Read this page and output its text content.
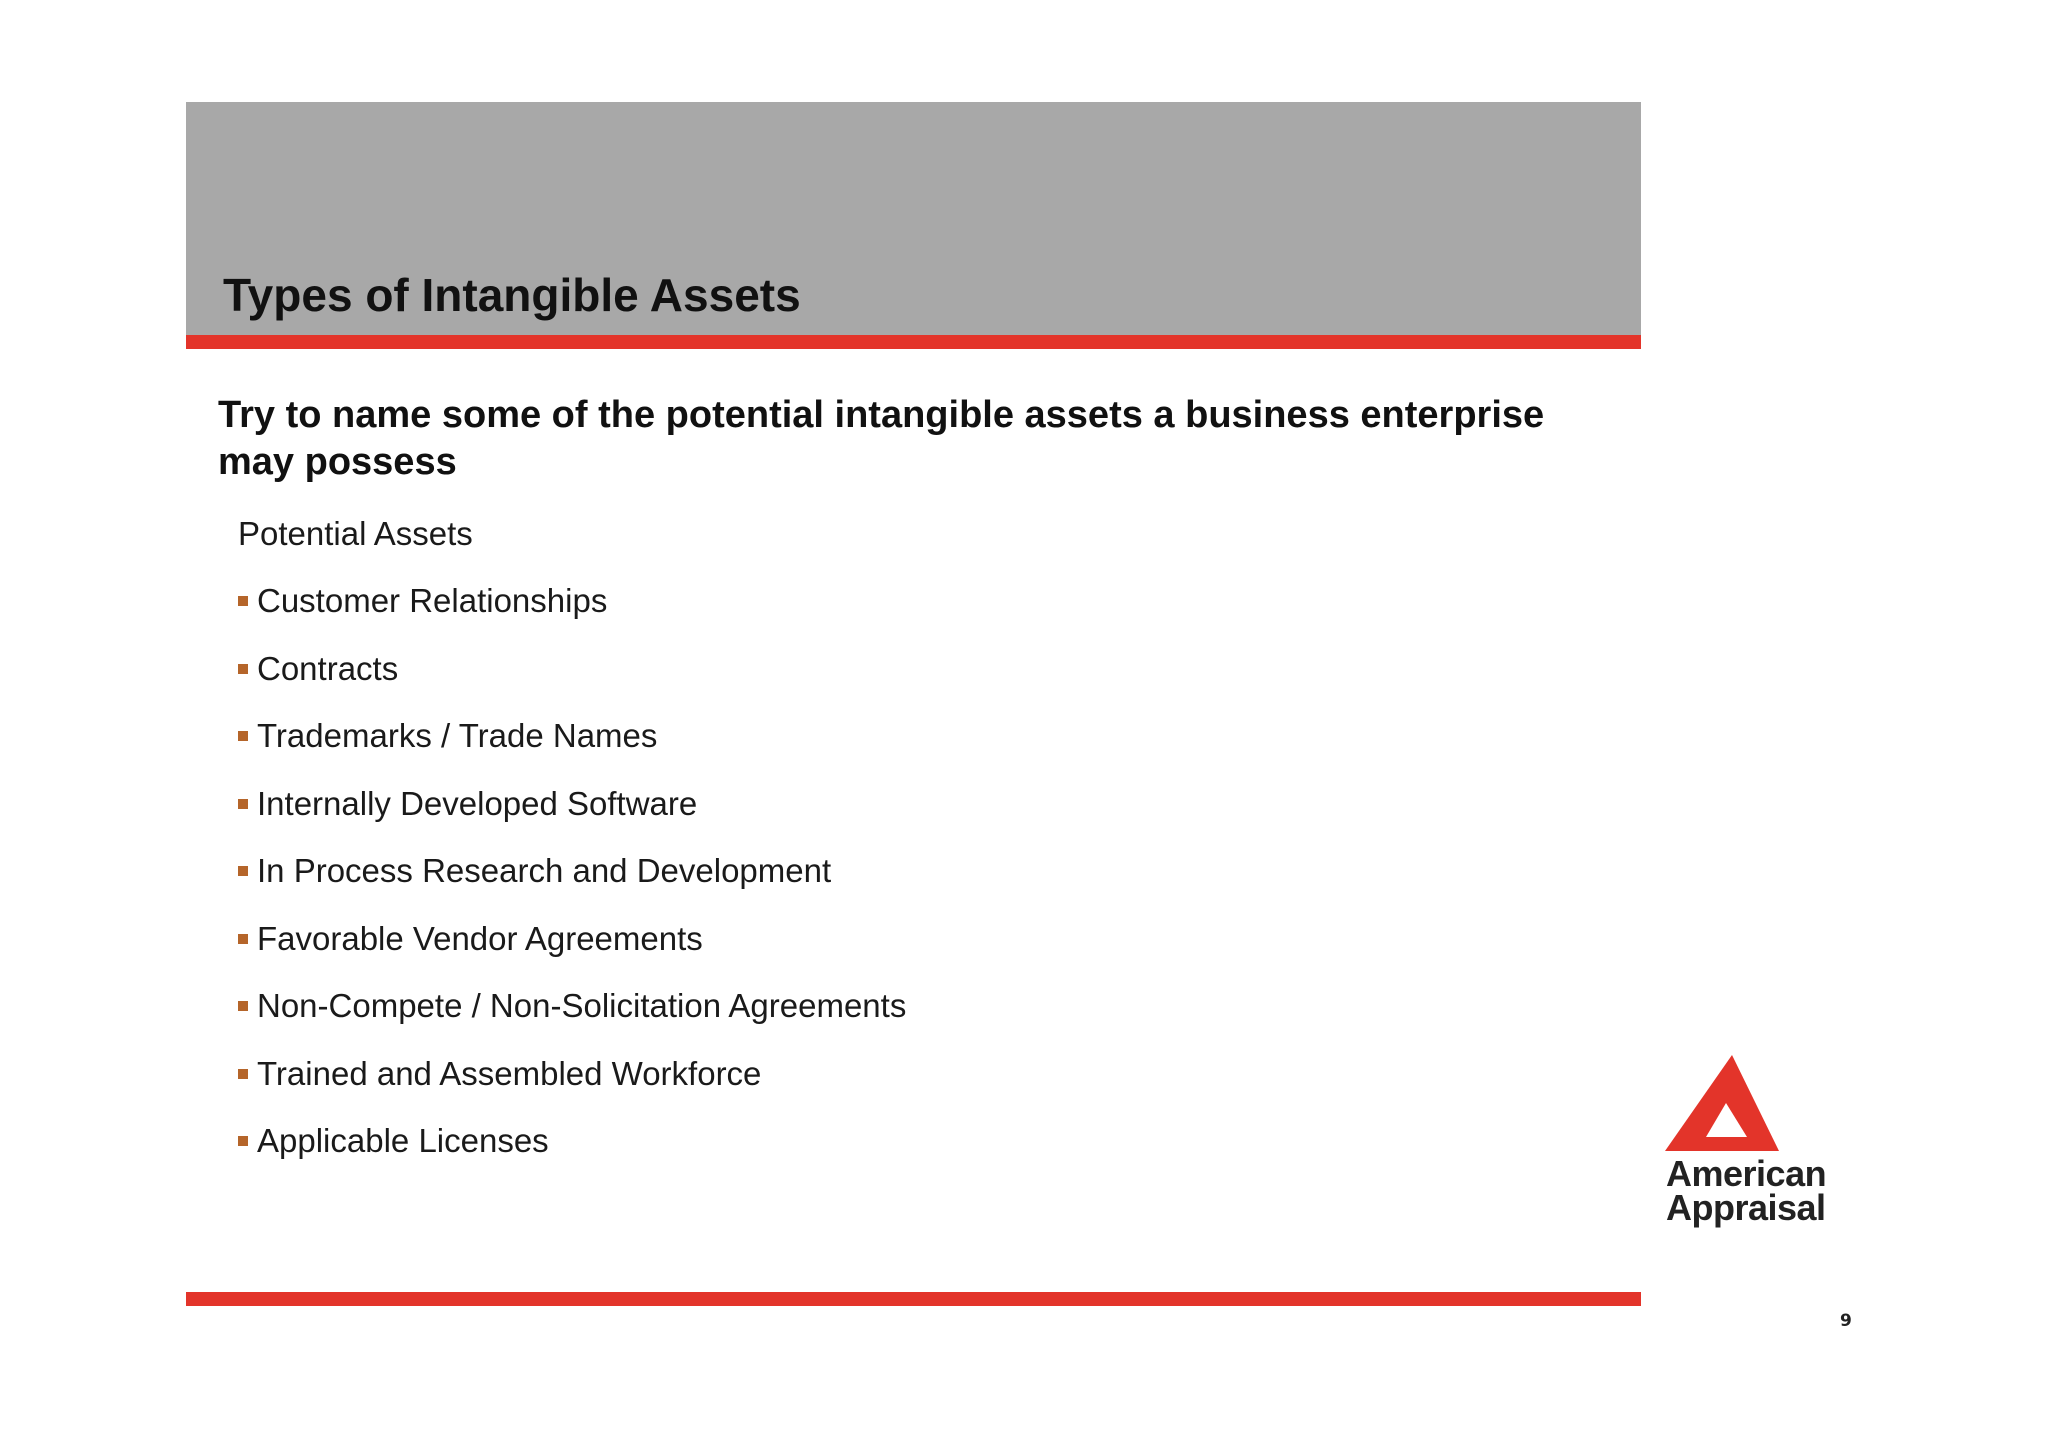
Types of Intangible Assets
Try to name some of the potential intangible assets a business enterprise may possess
Potential Assets
Customer Relationships
Contracts
Trademarks / Trade Names
Internally Developed Software
In Process Research and Development
Favorable Vendor Agreements
Non-Compete / Non-Solicitation Agreements
Trained and Assembled Workforce
Applicable Licenses
American
Appraisal
9
